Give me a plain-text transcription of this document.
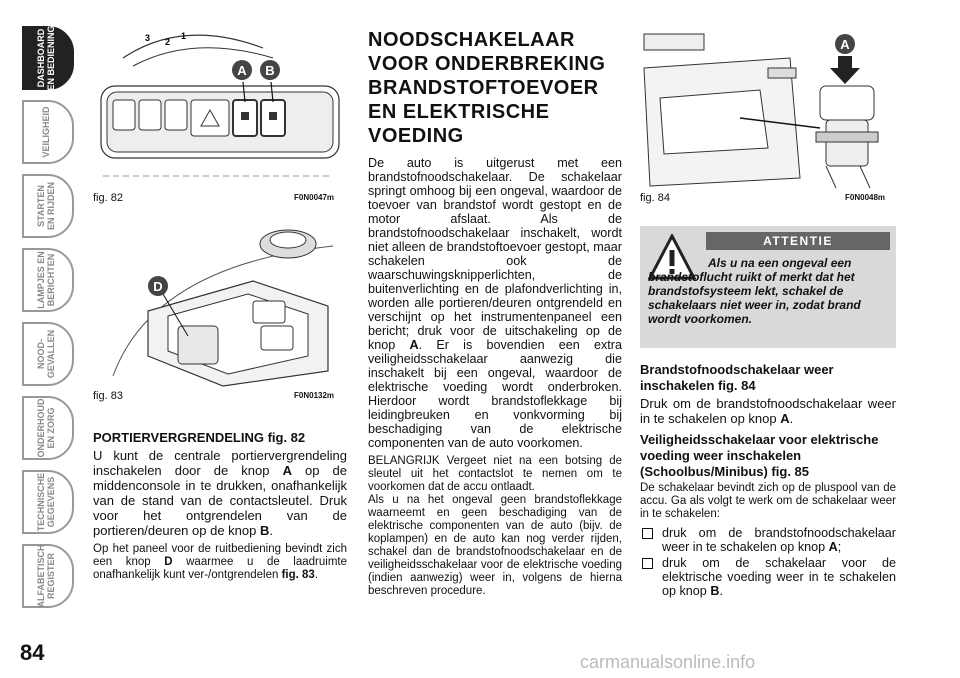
DASHBOARD
EN BEDIENING
VEILIGHEID
STARTEN
EN RIJDEN
LAMPJES EN
BERICHTEN
NOOD-
GEVALLEN
ONDERHOUD
EN ZORG
TECHNISCHE
GEGEVENS
ALFABETISCH
REGISTER
84
3 2
1
A B
fig. 82	F0N0047m
D
fig. 83	F0N0132m
PORTIERVERGRENDELING fig. 82

U kunt de centrale portiervergrendeling inschakelen door de knop A op de middenconsole in te drukken, onafhankelijk van de stand van de contactsleutel. Druk voor het ontgrendelen van de portieren/deuren op de knop B.

Op het paneel voor de ruitbediening bevindt zich een knop D waarmee u de laadruimte onafhankelijk kunt ver-/ontgrendelen fig. 83.

NOODSCHAKELAAR VOOR ONDERBREKING BRANDSTOFTOEVOER EN ELEKTRISCHE VOEDING

De auto is uitgerust met een brandstofnoodschakelaar. De schakelaar springt omhoog bij een ongeval, waardoor de toevoer van brandstof wordt gestopt en de motor afslaat. Als de brandstofnoodschakelaar inschakelt, wordt niet alleen de brandstoftoevoer gestopt, maar schakelen ook de waarschuwingsknipperlichten, de buitenverlichting en de plafondverlichting in, worden alle portieren/deuren ontgrendeld en verschijnt op het instrumentenpaneel een bericht; druk voor de uitschakeling op de knop A. Er is bovendien een extra veiligheidsschakelaar aanwezig die inschakelt bij een ongeval, waardoor de elektrische voeding wordt onderbroken. Hierdoor wordt brandstoflekkage bij leidingbreuken en vonkvorming bij beschadiging van de elektrische componenten van de auto voorkomen.

BELANGRIJK Vergeet niet na een botsing de sleutel uit het contactslot te nemen om te voorkomen dat de accu ontlaadt.

Als u na het ongeval geen brandstoflekkage waarneemt en geen beschadiging van de elektrische componenten van de auto (bijv. de koplampen) en de auto kan nog verder rijden, schakel dan de brandstofnoodschakelaar en de veiligheidsschakelaar voor de elektrische voeding (indien aanwezig) weer in, volgens de hierna beschreven procedure.

A
fig. 84	F0N0048m
ATTENTIE
Als u na een ongeval een brandstoflucht ruikt of merkt dat het brandstofsysteem lekt, schakel de schakelaars niet weer in, zodat brand wordt voorkomen.
Brandstofnoodschakelaar weer inschakelen fig. 84

Druk om de brandstofnoodschakelaar weer in te schakelen op knop A.

Veiligheidsschakelaar voor elektrische voeding weer inschakelen (Schoolbus/Minibus) fig. 85

De schakelaar bevindt zich op de pluspool van de accu. Ga als volgt te werk om de schakelaar weer in te schakelen:

druk om de brandstofnoodschakelaar weer in te schakelen op knop A;
druk om de schakelaar voor de elektrische voeding weer in te schakelen op knop B.
carmanualsonline.info
